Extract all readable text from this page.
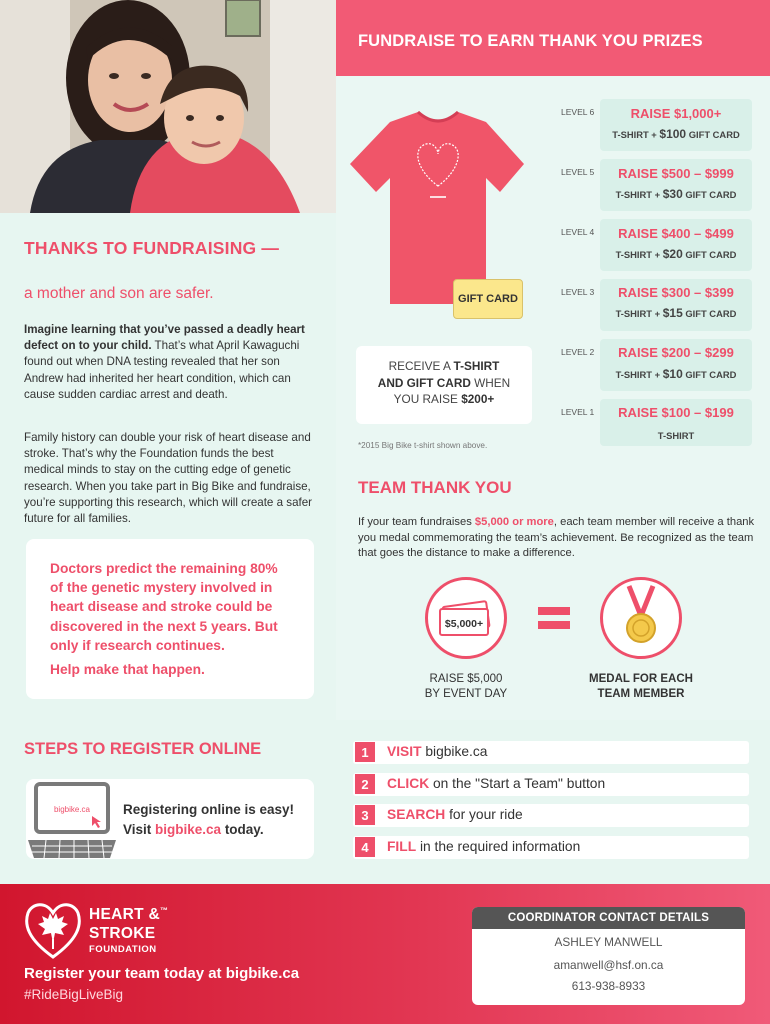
THANKS TO FUNDRAISING —
a mother and son are safer.
Imagine learning that you’ve passed a deadly heart defect on to your child. That’s what April Kawaguchi found out when DNA testing revealed that her son Andrew had inherited her heart condition, which can cause sudden cardiac arrest and death.
Family history can double your risk of heart disease and stroke. That’s why the Foundation funds the best medical minds to stay on the cutting edge of genetic research. When you take part in Big Bike and fundraise, you’re supporting this research, which will create a safer future for all families.
Doctors predict the remaining 80% of the genetic mystery involved in heart disease and stroke could be discovered in the next 5 years. But only if research continues.
Help make that happen.
FUNDRAISE TO EARN THANK YOU PRIZES
GIFT CARD
RECEIVE A T-SHIRT
AND GIFT CARD WHEN
YOU RAISE $200+
*2015 Big Bike t-shirt shown above.
LEVEL 6	RAISE $1,000+
T-SHIRT + $100 GIFT CARD
LEVEL 5	RAISE $500 – $999
T-SHIRT + $30 GIFT CARD
LEVEL 4	RAISE $400 – $499
T-SHIRT + $20 GIFT CARD
LEVEL 3	RAISE $300 – $399
T-SHIRT + $15 GIFT CARD
LEVEL 2	RAISE $200 – $299
T-SHIRT + $10 GIFT CARD
LEVEL 1	RAISE $100 – $199
T-SHIRT
TEAM THANK YOU
If your team fundraises $5,000 or more, each team member will receive a thank you medal commemorating the team’s achievement. Be recognized as the team that goes the distance to make a difference.
$5,000+
RAISE $5,000
BY EVENT DAY
MEDAL FOR EACH
TEAM MEMBER
STEPS TO REGISTER ONLINE
bigbike.ca Registering online is easy!
Visit bigbike.ca today.
1	VISIT bigbike.ca
2	CLICK on the "Start a Team" button
3	SEARCH for your ride
4	FILL in the required information
HEART &™
STROKE
FOUNDATION
Register your team today at bigbike.ca
#RideBigLiveBig
COORDINATOR CONTACT DETAILS
ASHLEY MANWELL
amanwell@hsf.on.ca
613-938-8933
